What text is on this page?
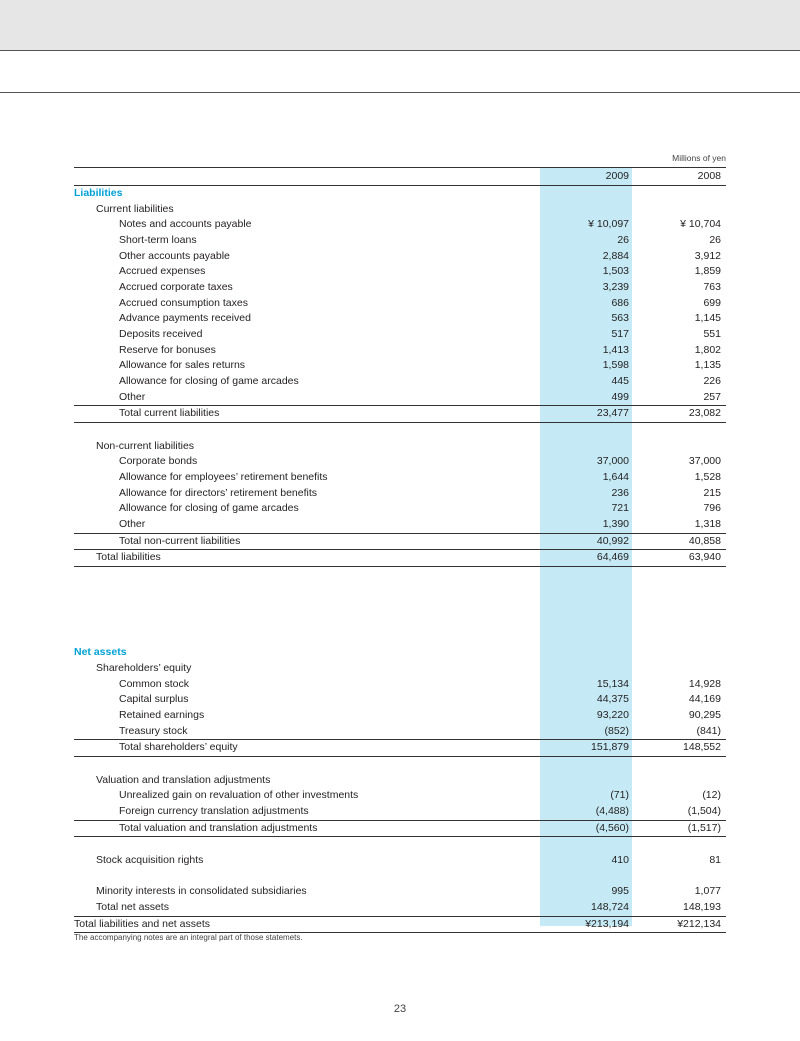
Millions of yen
	2009	2008
Liabilities		
Current liabilities		
Notes and accounts payable	¥ 10,097	¥ 10,704
Short-term loans	26	26
Other accounts payable	2,884	3,912
Accrued expenses	1,503	1,859
Accrued corporate taxes	3,239	763
Accrued consumption taxes	686	699
Advance payments received	563	1,145
Deposits received	517	551
Reserve for bonuses	1,413	1,802
Allowance for sales returns	1,598	1,135
Allowance for closing of game arcades	445	226
Other	499	257
Total current liabilities	23,477	23,082

Non-current liabilities		
Corporate bonds	37,000	37,000
Allowance for employees’ retirement benefits	1,644	1,528
Allowance for directors’ retirement benefits	236	215
Allowance for closing of game arcades	721	796
Other	1,390	1,318
Total non-current liabilities	40,992	40,858
Total liabilities	64,469	63,940

Net assets		
Shareholders’ equity		
Common stock	15,134	14,928
Capital surplus	44,375	44,169
Retained earnings	93,220	90,295
Treasury stock	(852)	(841)
Total shareholders’ equity	151,879	148,552

Valuation and translation adjustments		
Unrealized gain on revaluation of other investments	(71)	(12)
Foreign currency translation adjustments	(4,488)	(1,504)
Total valuation and translation adjustments	(4,560)	(1,517)

Stock acquisition rights	410	81

Minority interests in consolidated subsidiaries	995	1,077
Total net assets	148,724	148,193
Total liabilities and net assets	¥213,194	¥212,134
The accompanying notes are an integral part of those statemets.
23
